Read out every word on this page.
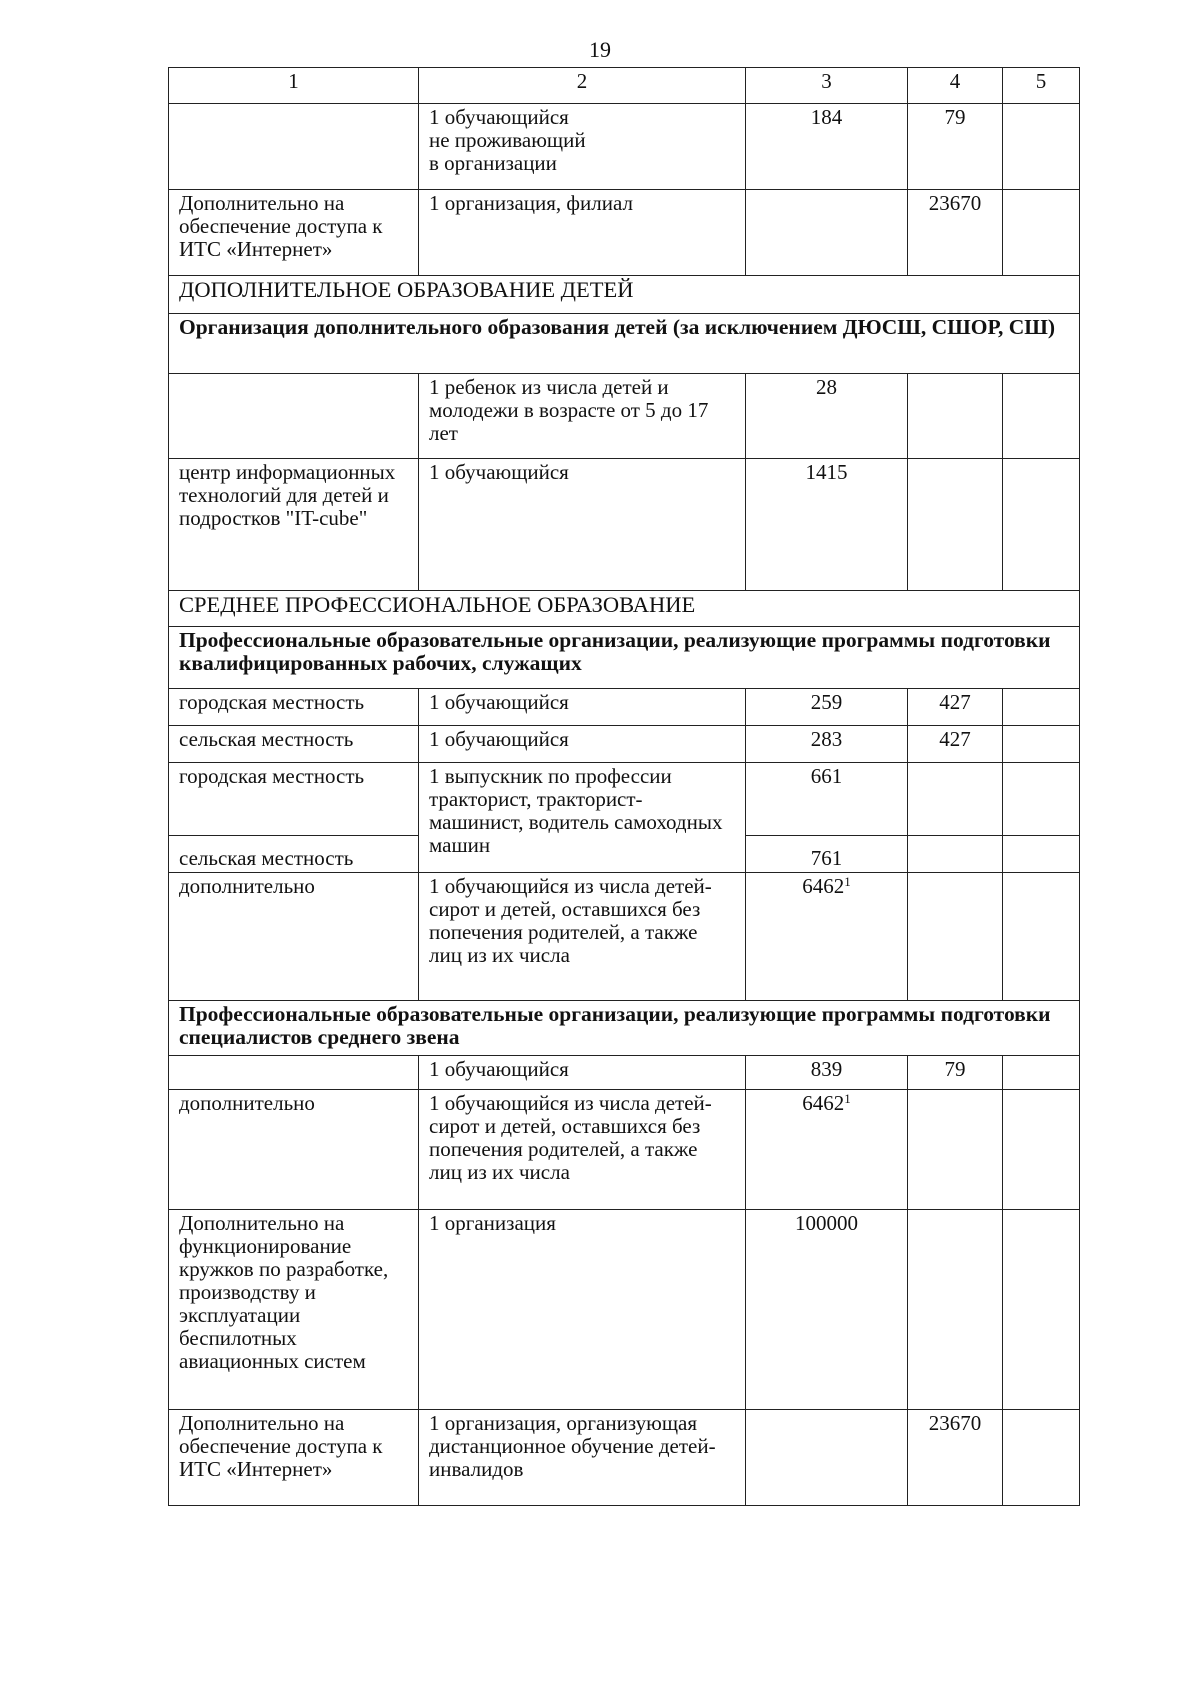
19
1	2	3	4	5
	1 обучающийся
не проживающий
в организации	184	79	
Дополнительно на обеспечение доступа к ИТС «Интернет»	1 организация, филиал		23670	
ДОПОЛНИТЕЛЬНОЕ ОБРАЗОВАНИЕ ДЕТЕЙ				
Организация дополнительного образования детей (за исключением ДЮСШ, СШОР, СШ)				
	1 ребенок из числа детей и молодежи в возрасте от 5 до 17 лет	28		
центр информационных технологий для детей и подростков "IT-cube"	1 обучающийся	1415		
СРЕДНЕЕ ПРОФЕССИОНАЛЬНОЕ ОБРАЗОВАНИЕ				
Профессиональные образовательные организации, реализующие программы подготовки квалифицированных рабочих, служащих				
городская местность	1 обучающийся	259	427	
сельская местность	1 обучающийся	283	427	
городская местность	1 выпускник по профессии тракторист, тракторист-машинист, водитель самоходных машин	661		
сельская местность		761		
дополнительно	1 обучающийся из числа детей-сирот и детей, оставшихся без попечения родителей, а также лиц из их числа	6462$^1$		
Профессиональные образовательные организации, реализующие программы подготовки специалистов среднего звена				
	1 обучающийся	839	79	
дополнительно	1 обучающийся из числа детей-сирот и детей, оставшихся без попечения родителей, а также лиц из их числа	6462$^1$		
Дополнительно на функционирование кружков по разработке, производству и эксплуатации беспилотных авиационных систем	1 организация	100000		
Дополнительно на обеспечение доступа к ИТС «Интернет»	1 организация, организующая дистанционное обучение детей-инвалидов		23670	
